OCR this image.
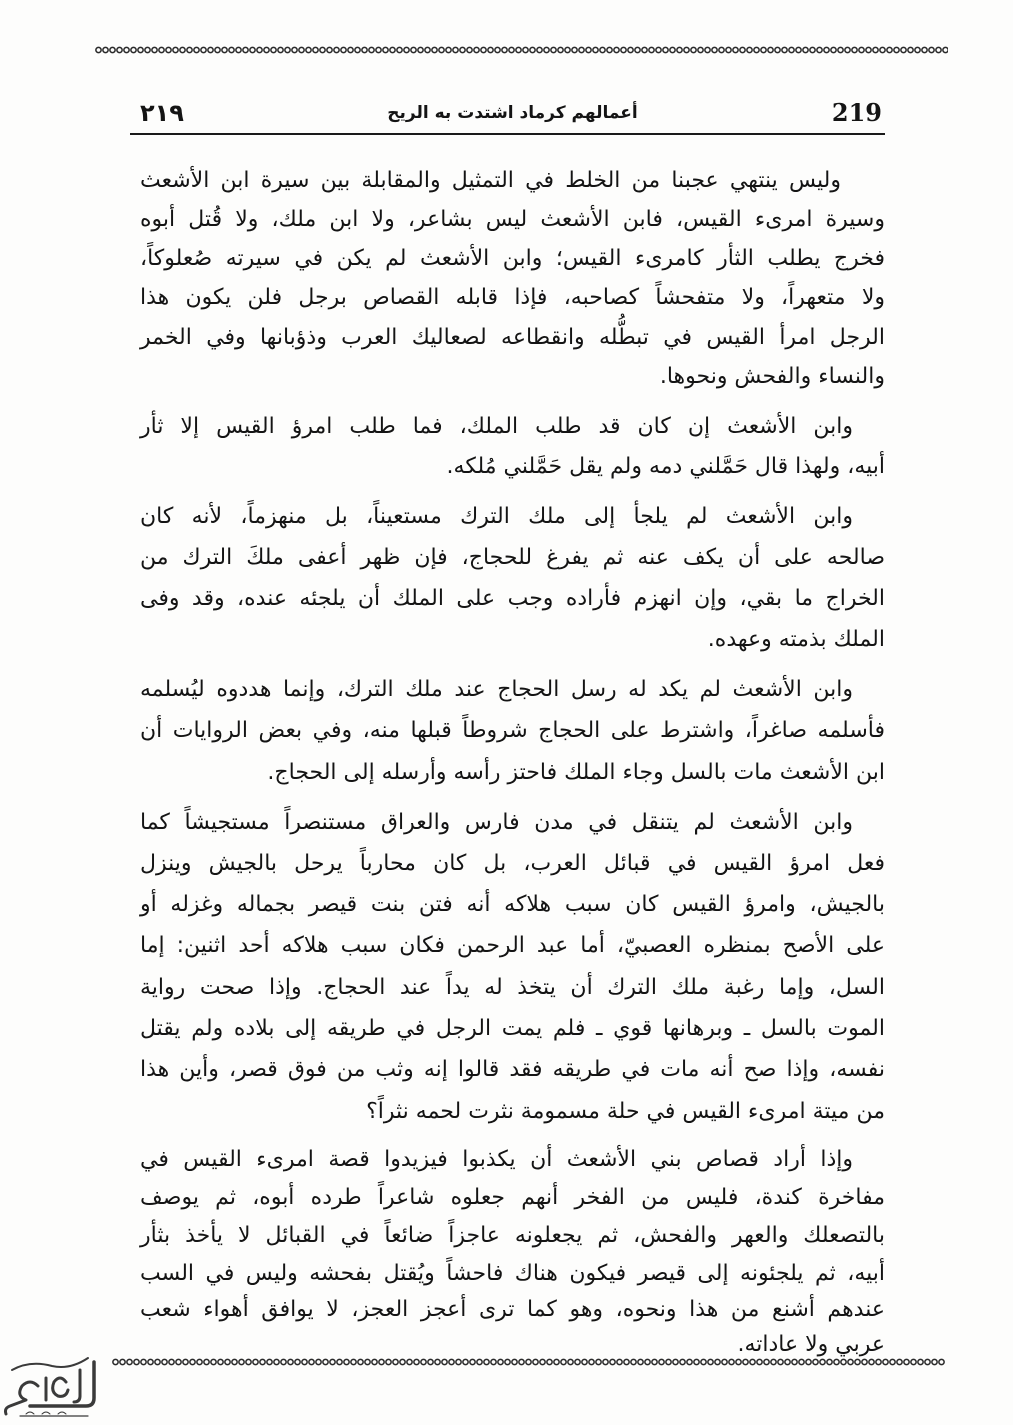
٢١٩	أعمالهم كرماد اشتدت به الريح	219
وليس ينتهي عجبنا من الخلط في التمثيل والمقابلة بين سيرة ابن الأشعث
وسيرة امرىء القيس، فابن الأشعث ليس بشاعر، ولا ابن ملك، ولا قُتل أبوه
فخرج يطلب الثأر كامرىء القيس؛ وابن الأشعث لم يكن في سيرته صُعلوكاً،
ولا متعهراً، ولا متفحشاً كصاحبه، فإذا قابله القصاص برجل فلن يكون هذا
الرجل امرأ القيس في تبطُّله وانقطاعه لصعاليك العرب وذؤبانها وفي الخمر
والنساء والفحش ونحوها.
وابن الأشعث إن كان قد طلب الملك، فما طلب امرؤ القيس إلا ثأر
أبيه، ولهذا قال حَمَّلني دمه ولم يقل حَمَّلني مُلكه.
وابن الأشعث لم يلجأ إلى ملك الترك مستعيناً، بل منهزماً، لأنه كان
صالحه على أن يكف عنه ثم يفرغ للحجاج، فإن ظهر أعفى ملكَ الترك من
الخراج ما بقي، وإن انهزم فأراده وجب على الملك أن يلجئه عنده، وقد وفى
الملك بذمته وعهده.
وابن الأشعث لم يكد له رسل الحجاج عند ملك الترك، وإنما هددوه ليُسلمه
فأسلمه صاغراً، واشترط على الحجاج شروطاً قبلها منه، وفي بعض الروايات أن
ابن الأشعث مات بالسل وجاء الملك فاحتز رأسه وأرسله إلى الحجاج.
وابن الأشعث لم يتنقل في مدن فارس والعراق مستنصراً مستجيشاً كما
فعل امرؤ القيس في قبائل العرب، بل كان محارباً يرحل بالجيش وينزل
بالجيش، وامرؤ القيس كان سبب هلاكه أنه فتن بنت قيصر بجماله وغزله أو
على الأصح بمنظره العصبيّ، أما عبد الرحمن فكان سبب هلاكه أحد اثنين: إما
السل، وإما رغبة ملك الترك أن يتخذ له يداً عند الحجاج. وإذا صحت رواية
الموت بالسل ـ وبرهانها قوي ـ فلم يمت الرجل في طريقه إلى بلاده ولم يقتل
نفسه، وإذا صح أنه مات في طريقه فقد قالوا إنه وثب من فوق قصر، وأين هذا
من ميتة امرىء القيس في حلة مسمومة نثرت لحمه نثراً؟
وإذا أراد قصاص بني الأشعث أن يكذبوا فيزيدوا قصة امرىء القيس في
مفاخرة كندة، فليس من الفخر أنهم جعلوه شاعراً طرده أبوه، ثم يوصف
بالتصعلك والعهر والفحش، ثم يجعلونه عاجزاً ضائعاً في القبائل لا يأخذ بثأر
أبيه، ثم يلجئونه إلى قيصر فيكون هناك فاحشاً ويُقتل بفحشه وليس في السب
عندهم أشنع من هذا ونحوه، وهو كما ترى أعجز العجز، لا يوافق أهواء شعب
عربي ولا عاداته.
